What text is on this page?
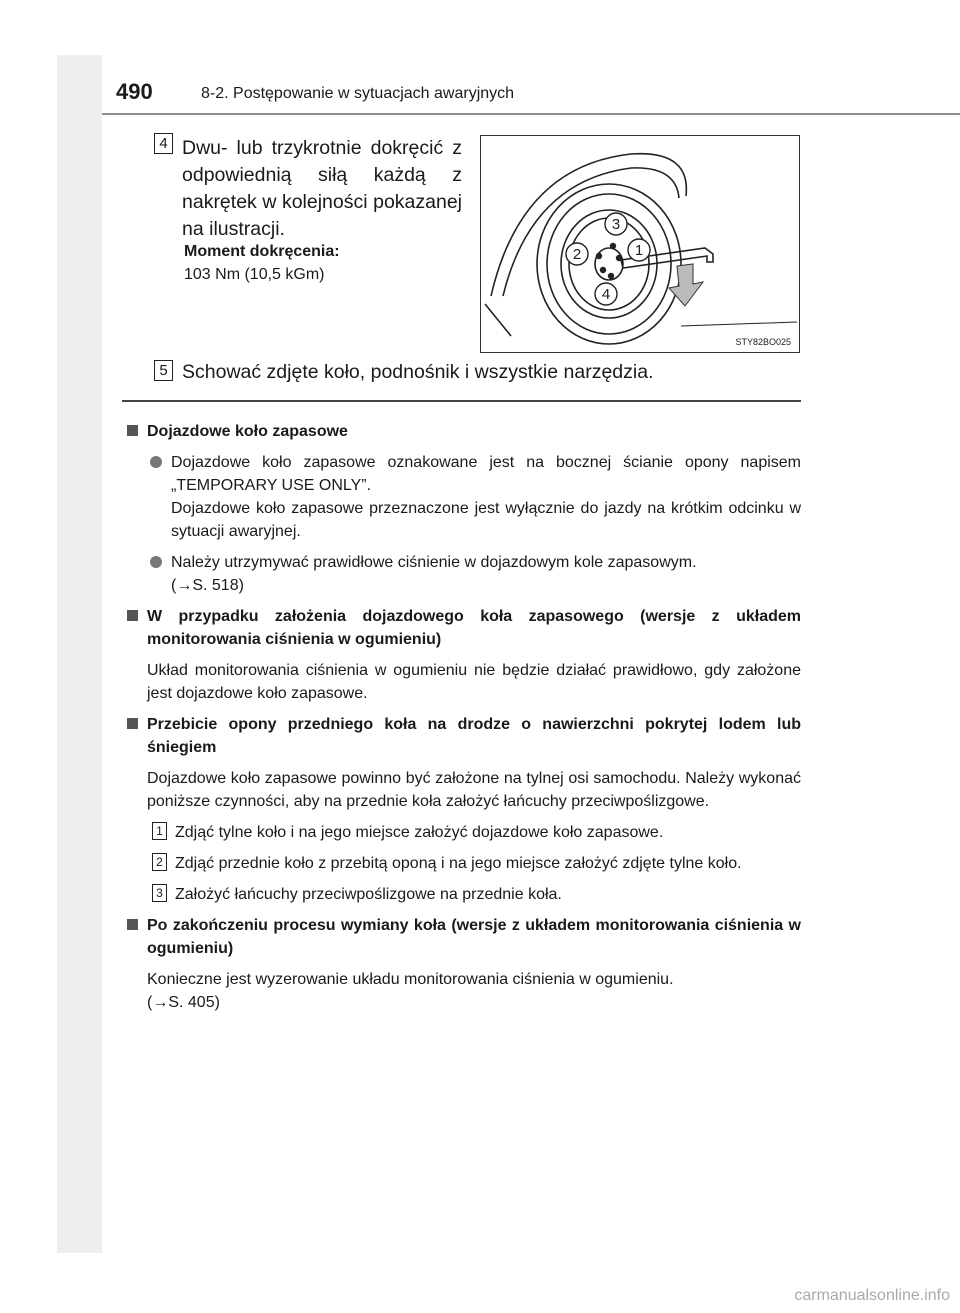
490	8-2. Postępowanie w sytuacjach awaryjnych
4 Dwu- lub trzykrotnie dokręcić z odpowiednią siłą każdą z nakrętek w kolejności pokazanej na ilustracji.
Moment dokręcenia:
103 Nm (10,5 kGm)
1
2
3
4
STY82BO025
5 Schować zdjęte koło, podnośnik i wszystkie narzędzia.
Dojazdowe koło zapasowe
Dojazdowe koło zapasowe oznakowane jest na bocznej ścianie opony napisem „TEMPORARY USE ONLY”.
Dojazdowe koło zapasowe przeznaczone jest wyłącznie do jazdy na krótkim odcinku w sytuacji awaryjnej.
Należy utrzymywać prawidłowe ciśnienie w dojazdowym kole zapasowym.
(→S. 518)
W przypadku założenia dojazdowego koła zapasowego (wersje z układem monitorowania ciśnienia w ogumieniu)
Układ monitorowania ciśnienia w ogumieniu nie będzie działać prawidłowo, gdy założone jest dojazdowe koło zapasowe.
Przebicie opony przedniego koła na drodze o nawierzchni pokrytej lodem lub śniegiem
Dojazdowe koło zapasowe powinno być założone na tylnej osi samochodu. Należy wykonać poniższe czynności, aby na przednie koła założyć łańcuchy przeciwpoślizgowe.
1 Zdjąć tylne koło i na jego miejsce założyć dojazdowe koło zapasowe.
2 Zdjąć przednie koło z przebitą oponą i na jego miejsce założyć zdjęte tylne koło.
3 Założyć łańcuchy przeciwpoślizgowe na przednie koła.
Po zakończeniu procesu wymiany koła (wersje z układem monitorowania ciśnienia w ogumieniu)
Konieczne jest wyzerowanie układu monitorowania ciśnienia w ogumieniu.
(→S. 405)
carmanualsonline.info
